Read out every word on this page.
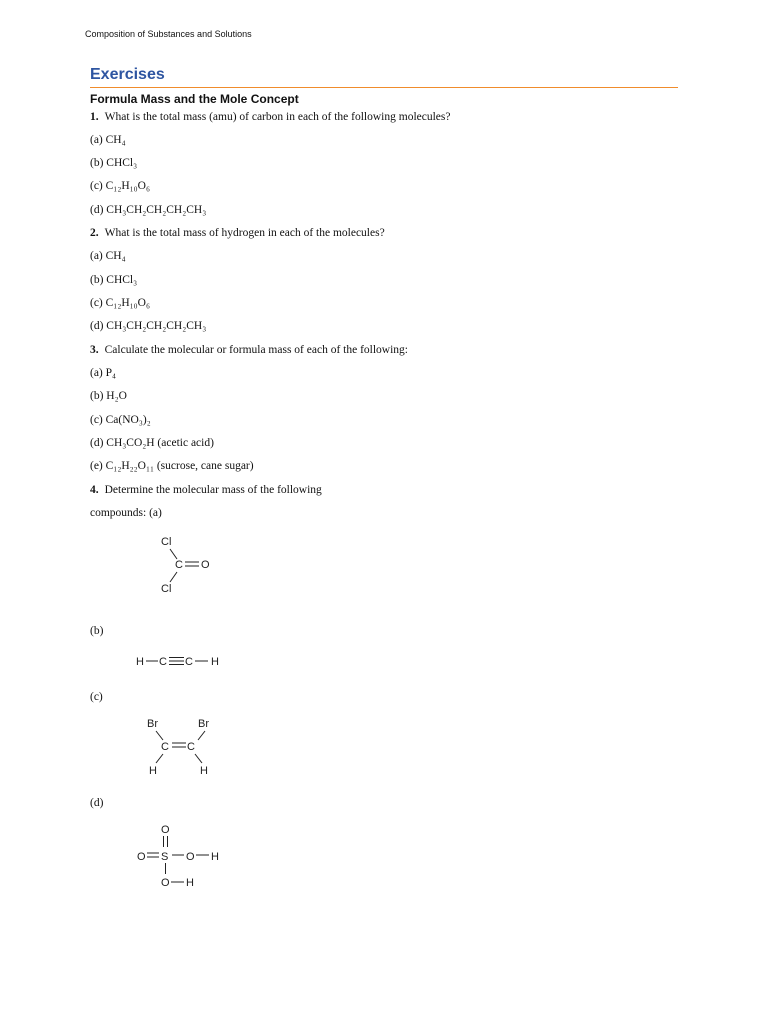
Composition of Substances and Solutions
Exercises
Formula Mass and the Mole Concept
1. What is the total mass (amu) of carbon in each of the following molecules?
(a) CH₄
(b) CHCl₃
(c) C₁₂H₁₀O₆
(d) CH₃CH₂CH₂CH₂CH₃
2. What is the total mass of hydrogen in each of the molecules?
(a) CH₄
(b) CHCl₃
(c) C₁₂H₁₀O₆
(d) CH₃CH₂CH₂CH₂CH₃
3. Calculate the molecular or formula mass of each of the following:
(a) P₄
(b) H₂O
(c) Ca(NO₃)₂
(d) CH₃CO₂H (acetic acid)
(e) C₁₂H₂₂O₁₁ (sucrose, cane sugar)
4. Determine the molecular mass of the following
compounds: (a)
Cl
C O
Cl
(b)
H C C H
(c)
Br	Br
C C
H	H
(d)
O
O S O H
O H
